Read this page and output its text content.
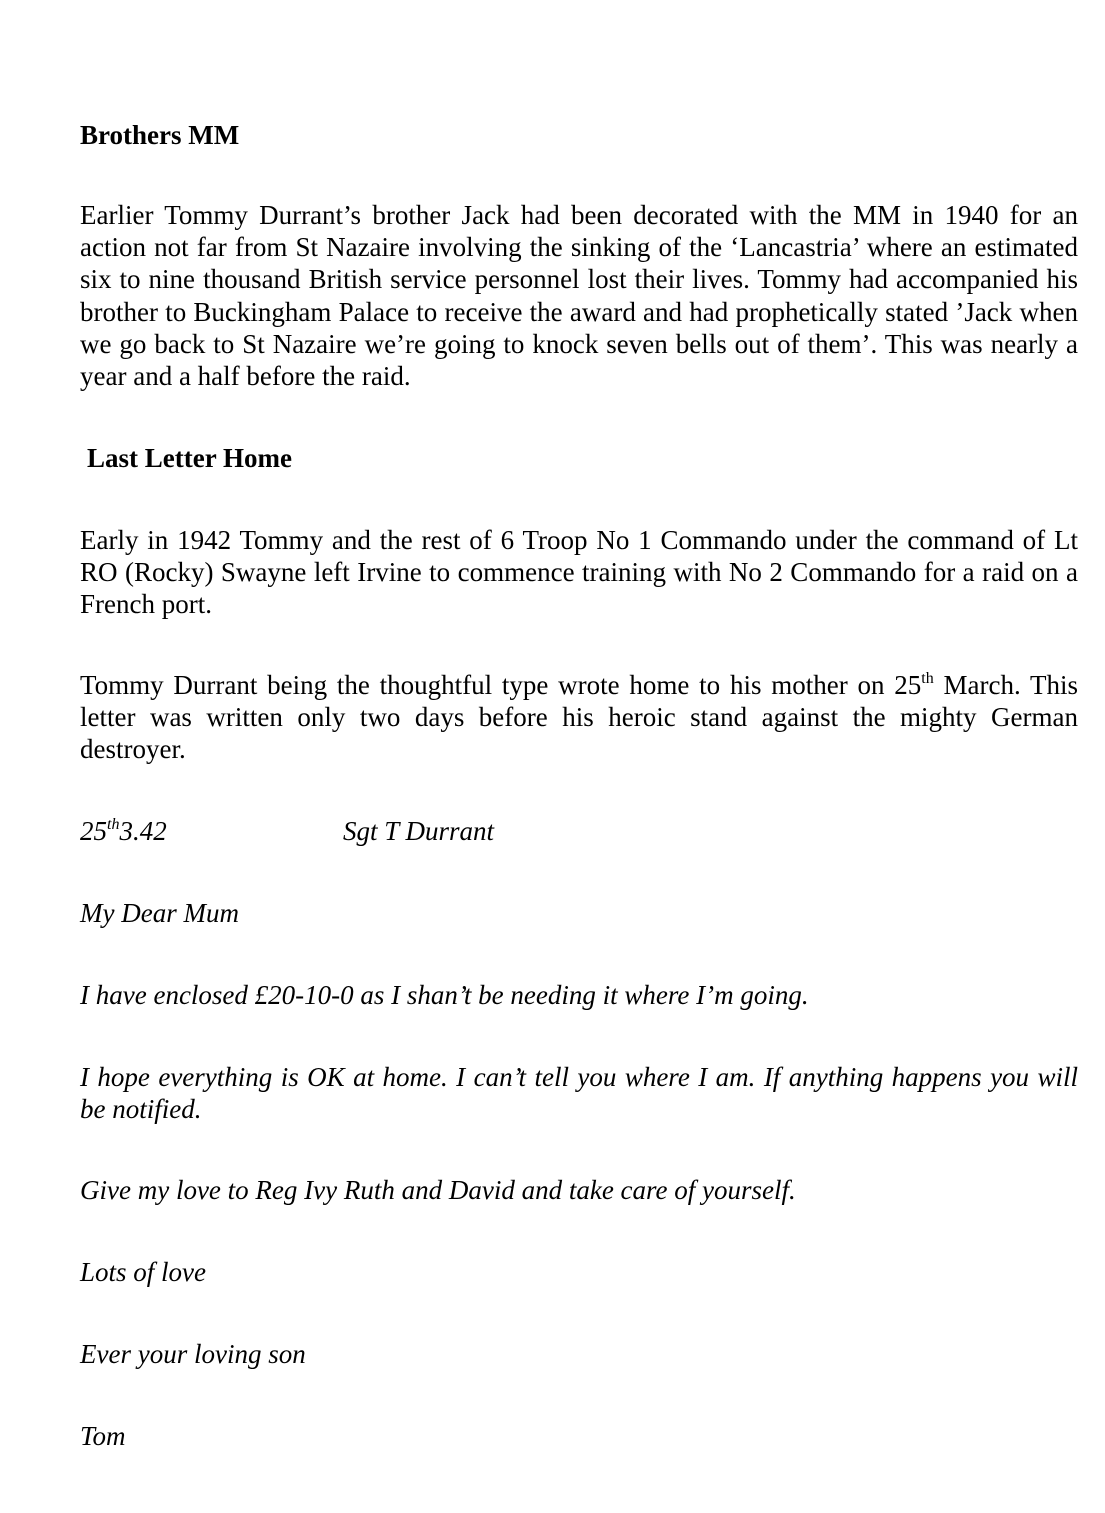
Brothers MM

Earlier Tommy Durrant’s brother Jack had been decorated with the MM in 1940 for an action not far from St Nazaire involving the sinking of the ‘Lancastria’ where an estimated six to nine thousand British service personnel lost their lives. Tommy had accompanied his brother to Buckingham Palace to receive the award and had prophetically stated ’Jack when we go back to St Nazaire we’re going to knock seven bells out of them’. This was nearly a year and a half before the raid.

Last Letter Home

Early in 1942 Tommy and the rest of 6 Troop No 1 Commando under the command of Lt RO (Rocky) Swayne left Irvine to commence training with No 2 Commando for a raid on a French port.

Tommy Durrant being the thoughtful type wrote home to his mother on 25th March. This letter was written only two days before his heroic stand against the mighty German destroyer.

25th3.42	Sgt T Durrant
My Dear Mum
I have enclosed £20-10-0 as I shan’t be needing it where I’m going.

I hope everything is OK at home. I can’t tell you where I am. If anything happens you will be notified.

Give my love to Reg Ivy Ruth and David and take care of yourself.
Lots of love
Ever your loving son
Tom
